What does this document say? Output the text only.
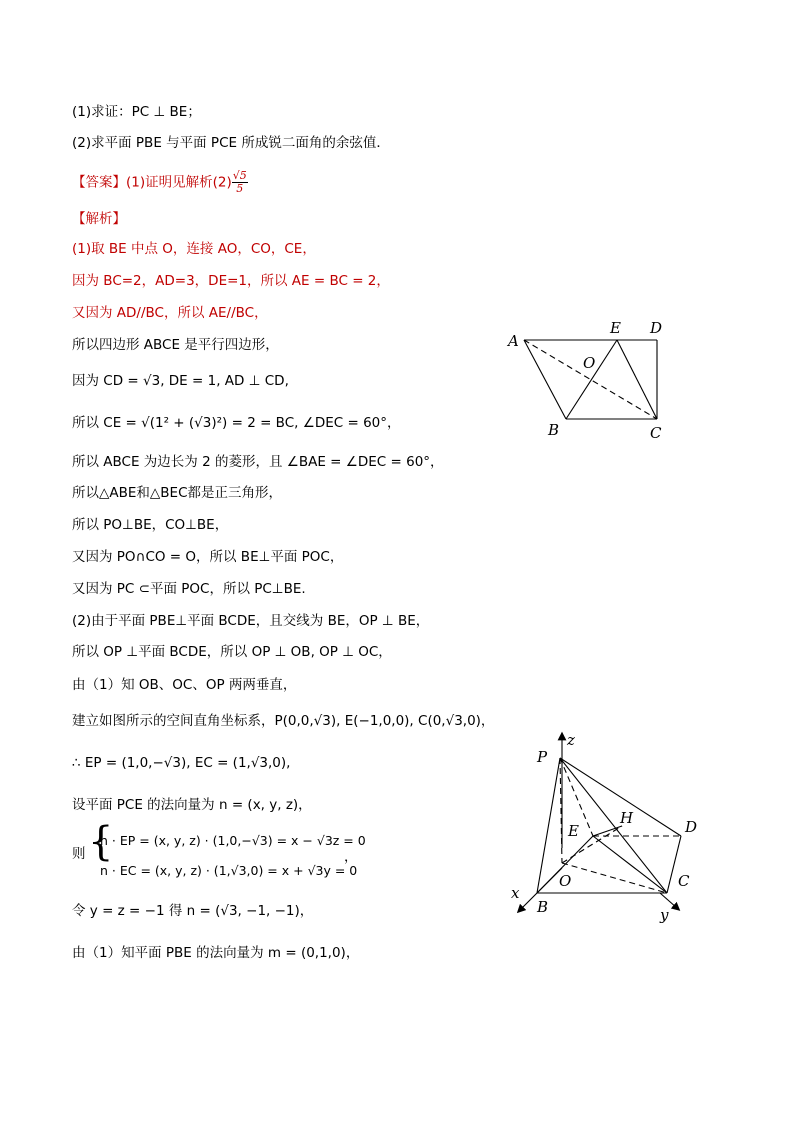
(1)求证：PC ⊥ BE；
(2)求平面 PBE 与平面 PCE 所成锐二面角的余弦值．
【答案】(1)证明见解析$(2) \frac{√5}{5}$
【解析】
(1)取 BE 中点 O，连接 AO，CO，CE，
因为 BC=2，AD=3，DE=1，所以 AE = BC = 2，
又因为 AD//BC，所以 AE//BC，
所以四边形 ABCE 是平行四边形，
因为 CD = √3, DE = 1, AD ⊥ CD,
所以 CE = √(1² + (√3)²) = 2 = BC, ∠DEC = 60°，
所以 ABCE 为边长为 2 的菱形，且 ∠BAE = ∠DEC = 60°，
所以△ABE和△BEC都是正三角形，
所以 PO⊥BE，CO⊥BE，
又因为 PO∩CO = O，所以 BE⊥平面 POC，
又因为 PC ⊂平面 POC，所以 PC⊥BE.
(2)由于平面 PBE⊥平面 BCDE，且交线为 BE，OP ⊥ BE，
所以 OP ⊥平面 BCDE，所以 OP ⊥ OB, OP ⊥ OC，
由（1）知 OB、OC、OP 两两垂直，
建立如图所示的空间直角坐标系，P(0,0,√3), E(−1,0,0), C(0,√3,0)，
∴ EP = (1,0,−√3), EC = (1,√3,0),
设平面 PCE 的法向量为 n = (x, y, z)，
则 {
n · EP = (x, y, z) · (1,0,−√3) = x − √3z = 0
n · EC = (x, y, z) · (1,√3,0) = x + √3y = 0
，
令 y = z = −1 得 n = (√3, −1, −1)，
由（1）知平面 PBE 的法向量为 m = (0,1,0)，
A
E D
O
B	C
z
P
H	D
E
O	C
x
B	y
